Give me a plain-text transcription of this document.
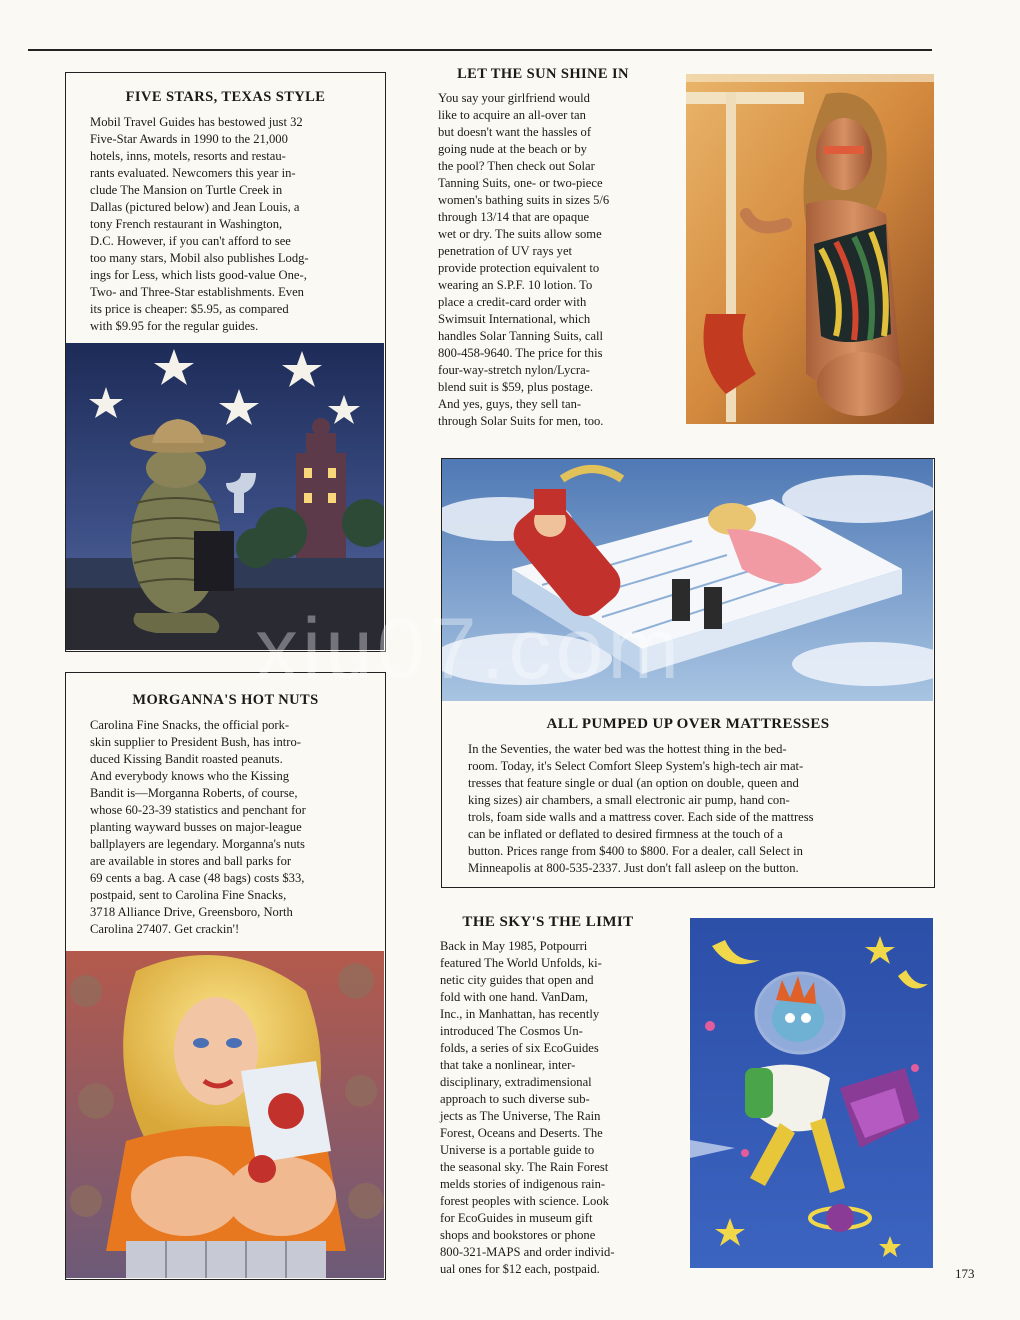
FIVE STARS, TEXAS STYLE
Mobil Travel Guides has bestowed just 32
Five-Star Awards in 1990 to the 21,000
hotels, inns, motels, resorts and restau-
rants evaluated. Newcomers this year in-
clude The Mansion on Turtle Creek in
Dallas (pictured below) and Jean Louis, a
tony French restaurant in Washington,
D.C. However, if you can't afford to see
too many stars, Mobil also publishes Lodg-
ings for Less, which lists good-value One-,
Two- and Three-Star establishments. Even
its price is cheaper: $5.95, as compared
with $9.95 for the regular guides.
LET THE SUN SHINE IN
You say your girlfriend would
like to acquire an all-over tan
but doesn't want the hassles of
going nude at the beach or by
the pool? Then check out Solar
Tanning Suits, one- or two-piece
women's bathing suits in sizes 5/6
through 13/14 that are opaque
wet or dry. The suits allow some
penetration of UV rays yet
provide protection equivalent to
wearing an S.P.F. 10 lotion. To
place a credit-card order with
Swimsuit International, which
handles Solar Tanning Suits, call
800-458-9640. The price for this
four-way-stretch nylon/Lycra-
blend suit is $59, plus postage.
And yes, guys, they sell tan-
through Solar Suits for men, too.
ALL PUMPED UP OVER MATTRESSES
In the Seventies, the water bed was the hottest thing in the bed-
room. Today, it's Select Comfort Sleep System's high-tech air mat-
tresses that feature single or dual (an option on double, queen and
king sizes) air chambers, a small electronic air pump, hand con-
trols, foam side walls and a mattress cover. Each side of the mattress
can be inflated or deflated to desired firmness at the touch of a
button. Prices range from $400 to $800. For a dealer, call Select in
Minneapolis at 800-535-2337. Just don't fall asleep on the button.
MORGANNA'S HOT NUTS
Carolina Fine Snacks, the official pork-
skin supplier to President Bush, has intro-
duced Kissing Bandit roasted peanuts.
And everybody knows who the Kissing
Bandit is—Morganna Roberts, of course,
whose 60-23-39 statistics and penchant for
planting wayward busses on major-league
ballplayers are legendary. Morganna's nuts
are available in stores and ball parks for
69 cents a bag. A case (48 bags) costs $33,
postpaid, sent to Carolina Fine Snacks,
3718 Alliance Drive, Greensboro, North
Carolina 27407. Get crackin'!	THE SKY'S THE LIMIT
Back in May 1985, Potpourri
featured The World Unfolds, ki-
netic city guides that open and
fold with one hand. VanDam,
Inc., in Manhattan, has recently
introduced The Cosmos Un-
folds, a series of six EcoGuides
that take a nonlinear, inter-
disciplinary, extradimensional
approach to such diverse sub-
jects as The Universe, The Rain
Forest, Oceans and Deserts. The
Universe is a portable guide to
the seasonal sky. The Rain Forest
melds stories of indigenous rain-
forest peoples with science. Look
for EcoGuides in museum gift
shops and bookstores or phone
800-321-MAPS and order individ-
ual ones for $12 each, postpaid.
xiu07.com
173
